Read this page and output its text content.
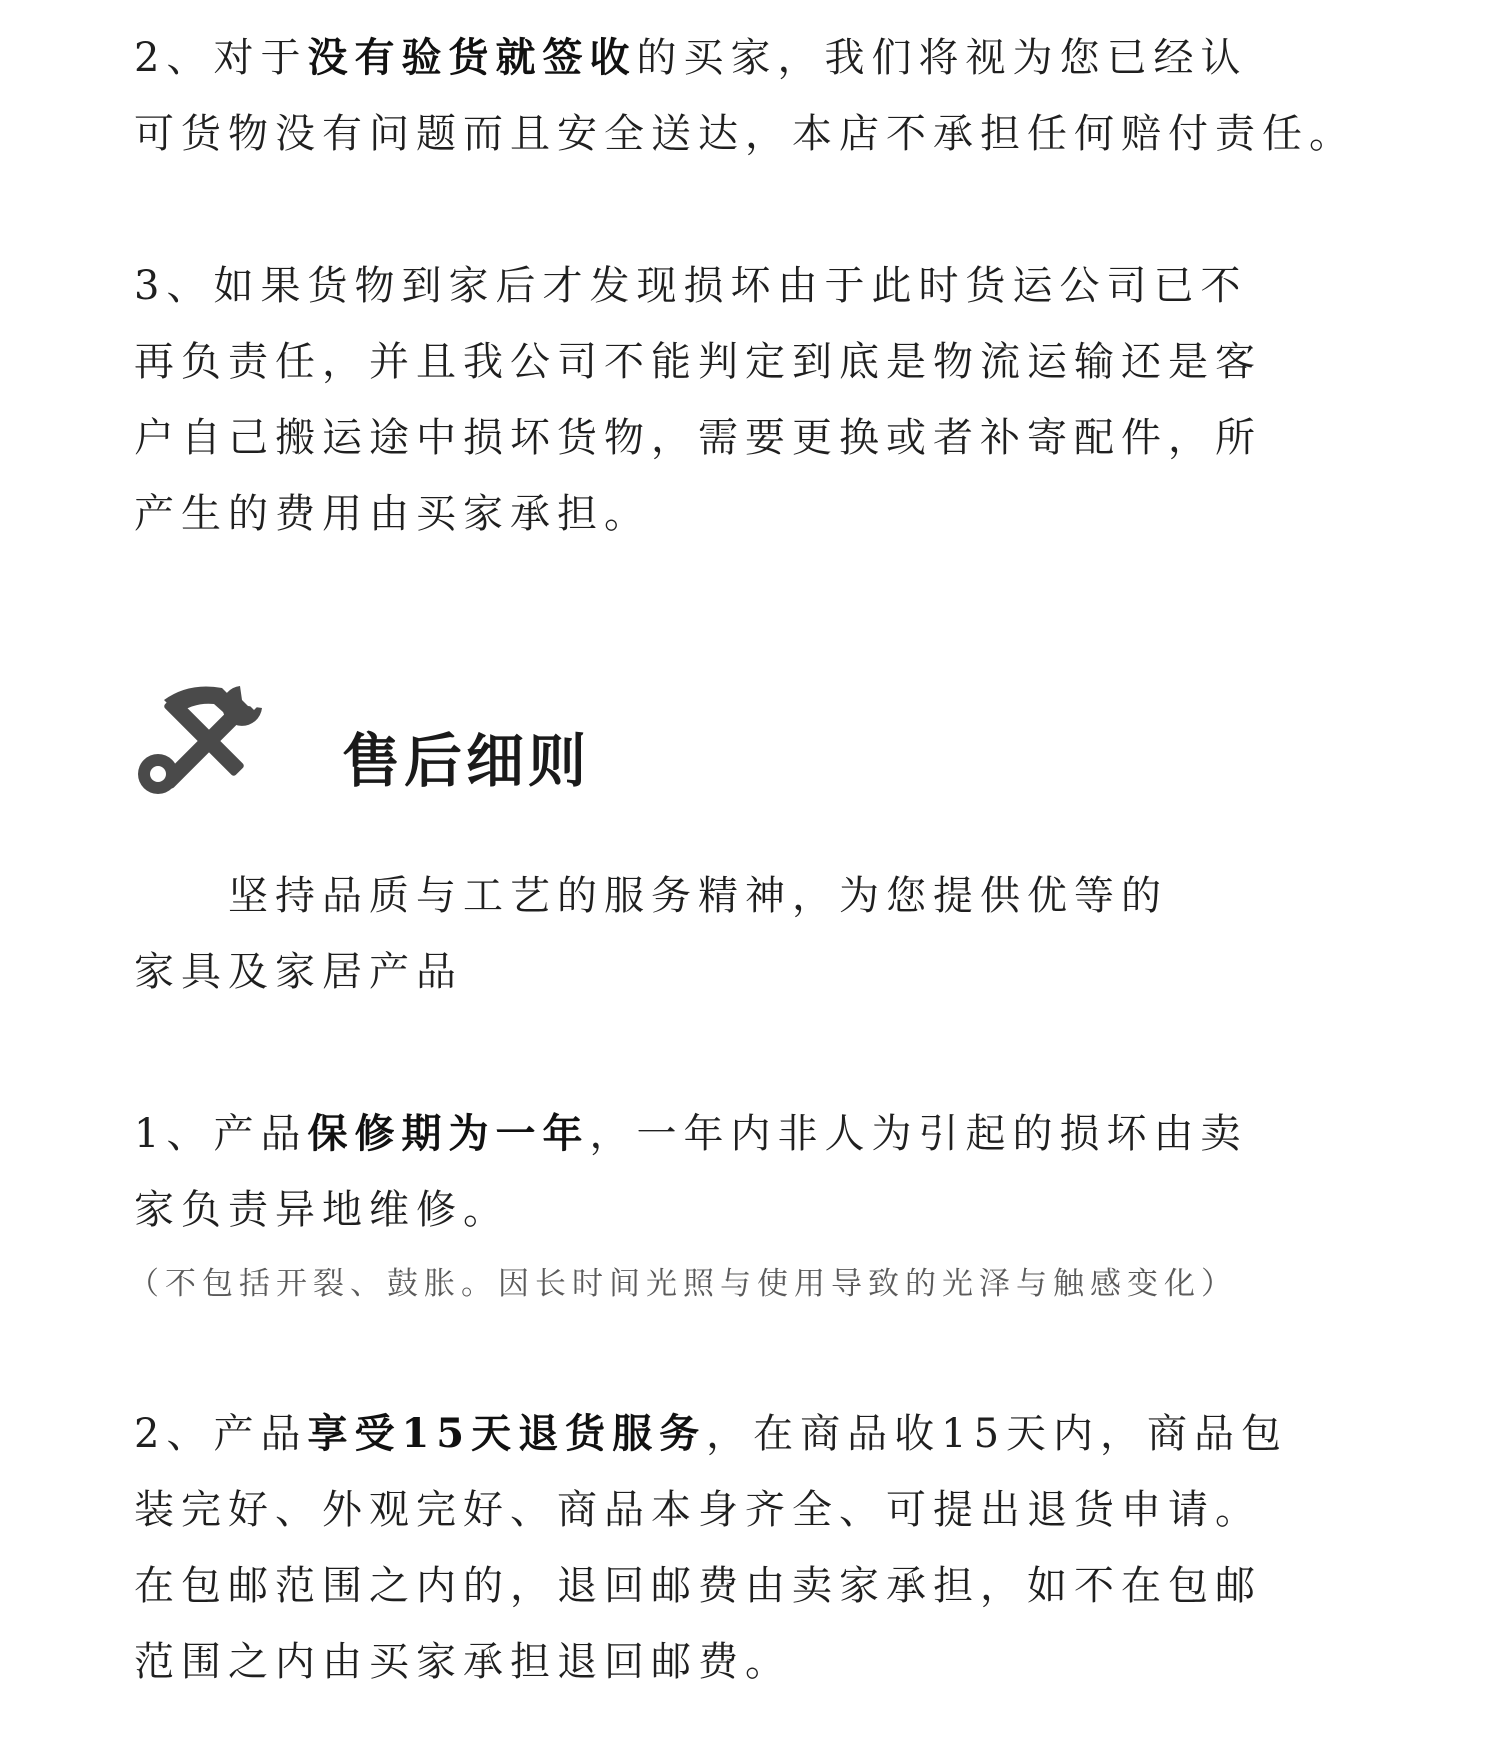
2、对于没有验货就签收的买家，我们将视为您已经认
可货物没有问题而且安全送达，本店不承担任何赔付责任。
3、如果货物到家后才发现损坏由于此时货运公司已不
再负责任，并且我公司不能判定到底是物流运输还是客
户自己搬运途中损坏货物，需要更换或者补寄配件，所
产生的费用由买家承担。
售后细则
坚持品质与工艺的服务精神，为您提供优等的
家具及家居产品
1、产品保修期为一年，一年内非人为引起的损坏由卖
家负责异地维修。

（不包括开裂、鼓胀。因长时间光照与使用导致的光泽与触感变化）

2、产品享受15天退货服务，在商品收15天内，商品包
装完好、外观完好、商品本身齐全、可提出退货申请。
在包邮范围之内的，退回邮费由卖家承担，如不在包邮
范围之内由买家承担退回邮费。
